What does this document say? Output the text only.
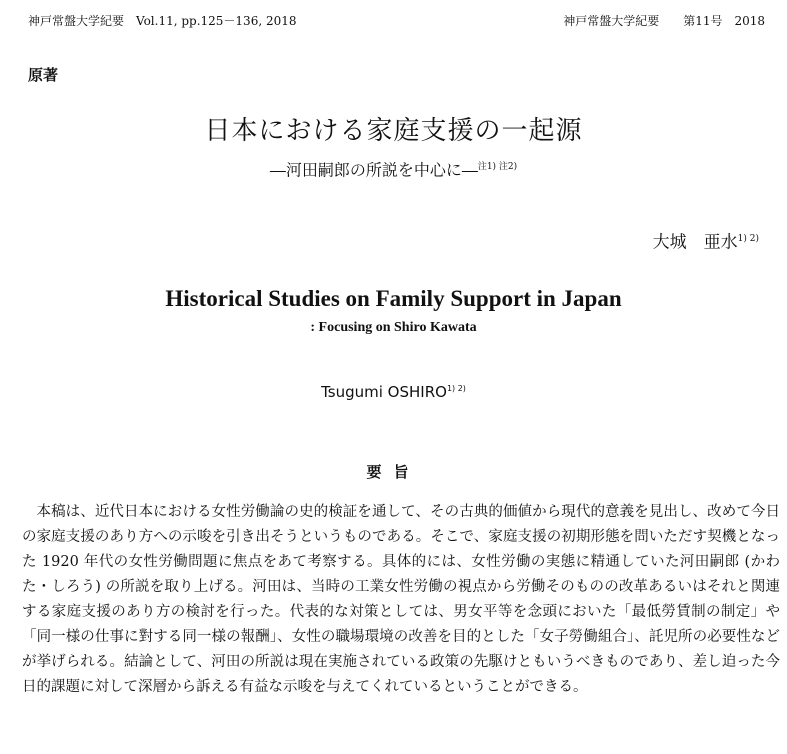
神戸常盤大学紀要　Vol.11, pp.125－136, 2018	神戸常盤大学紀要　　第11号　2018
原著
日本における家庭支援の一起源
―河田嗣郎の所説を中心に―$^{注1) 注2)}$
大城　亜水$^{1) 2)}$
Historical Studies on Family Support in Japan
: Focusing on Shiro Kawata
Tsugumi OSHIRO$^{1) 2)}$
要旨

本稿は、近代日本における女性労働論の史的検証を通して、その古典的価値から現代的意義を見出し、改めて今日の家庭支援のあり方への示唆を引き出そうというものである。そこで、家庭支援の初期形態を問いただす契機となった 1920 年代の女性労働問題に焦点をあて考察する。具体的には、女性労働の実態に精通していた河田嗣郎 (かわた・しろう) の所説を取り上げる。河田は、当時の工業女性労働の視点から労働そのものの改革あるいはそれと関連する家庭支援のあり方の検討を行った。代表的な対策としては、男女平等を念頭においた「最低勞賃制の制定」や「同一様の仕事に對する同一様の報酬」、女性の職場環境の改善を目的とした「女子勞働組合」、託児所の必要性などが挙げられる。結論として、河田の所説は現在実施されている政策の先駆けともいうべきものであり、差し迫った今日的課題に対して深層から訴える有益な示唆を与えてくれているということができる。
